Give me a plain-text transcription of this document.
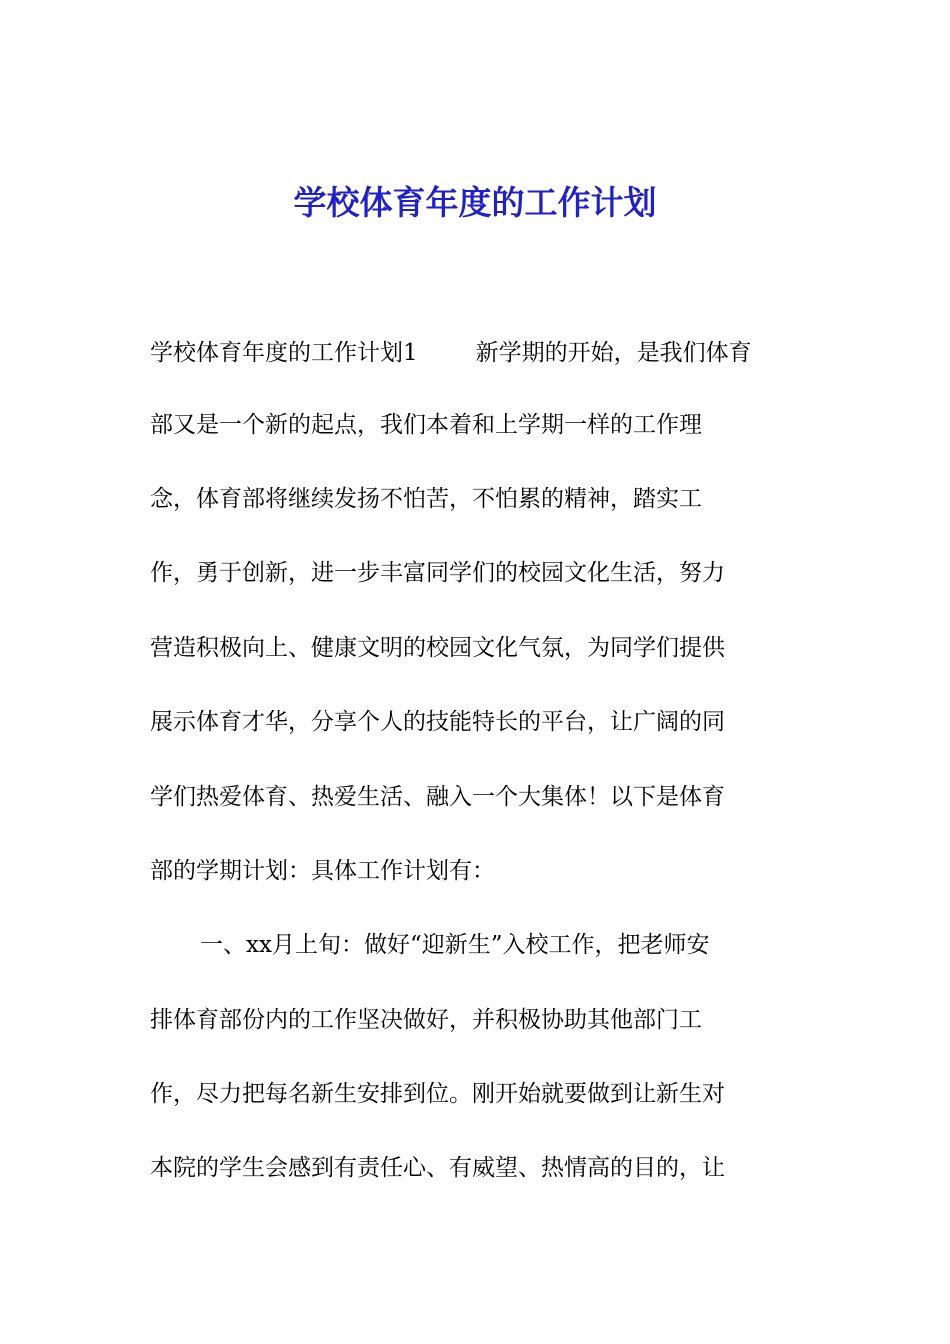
学校体育年度的工作计划

学校体育年度的工作计划1	新学期的开始，是我们体育

部又是一个新的起点，我们本着和上学期一样的工作理

念，体育部将继续发扬不怕苦，不怕累的精神，踏实工

作，勇于创新，进一步丰富同学们的校园文化生活，努力

营造积极向上、健康文明的校园文化气氛，为同学们提供

展示体育才华，分享个人的技能特长的平台，让广阔的同

学们热爱体育、热爱生活、融入一个大集体！以下是体育

部的学期计划：具体工作计划有：

一、xx月上旬：做好“迎新生”入校工作，把老师安

排体育部份内的工作坚决做好，并积极协助其他部门工

作，尽力把每名新生安排到位。刚开始就要做到让新生对

本院的学生会感到有责任心、有威望、热情高的目的，让
